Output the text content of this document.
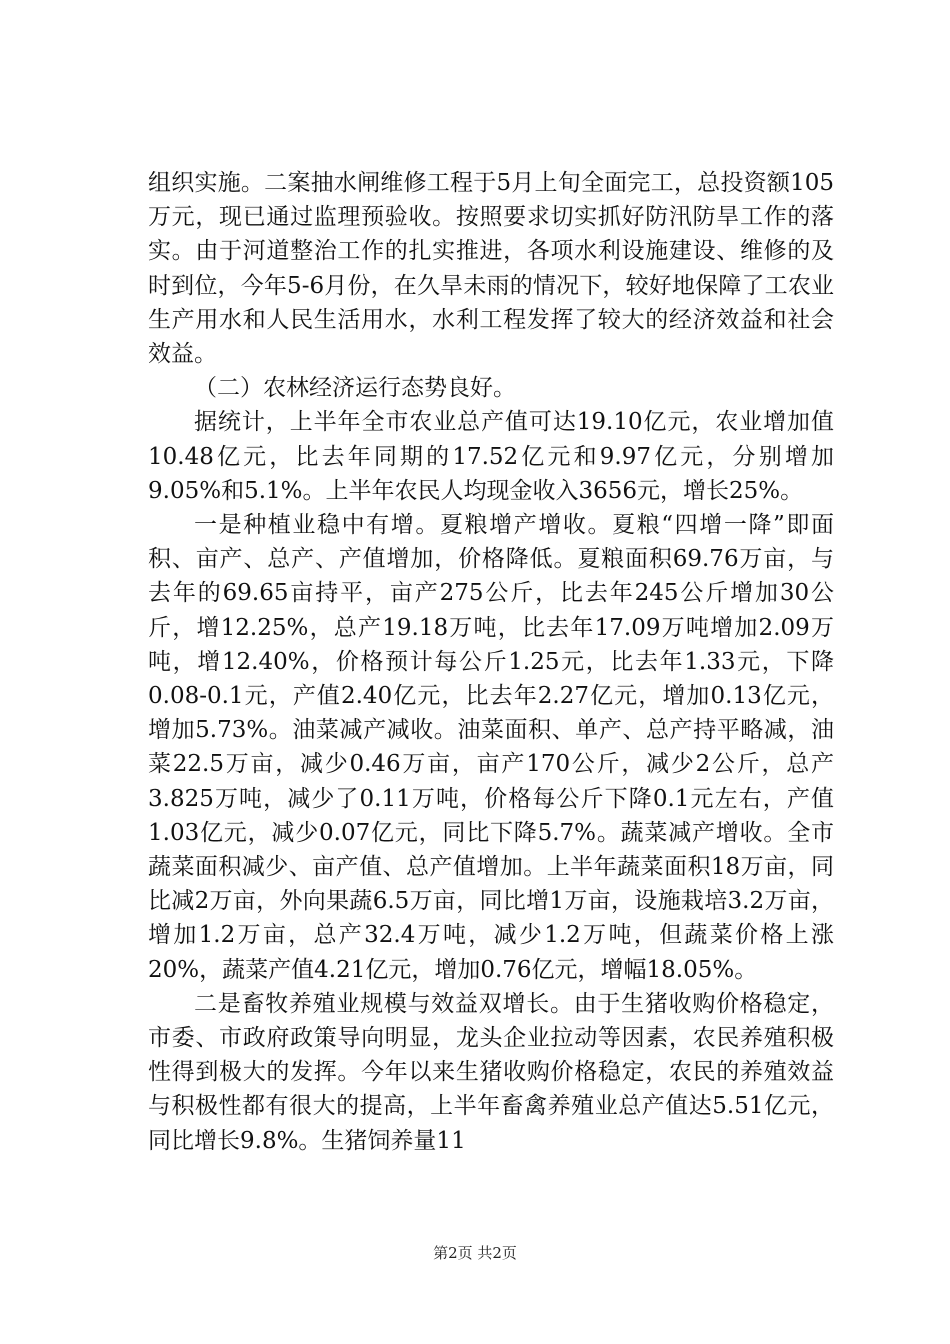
组织实施。二案抽水闸维修工程于5月上旬全面完工，总投资额105万元，现已通过监理预验收。按照要求切实抓好防汛防旱工作的落实。由于河道整治工作的扎实推进，各项水利设施建设、维修的及时到位，今年5-6月份，在久旱未雨的情况下，较好地保障了工农业生产用水和人民生活用水，水利工程发挥了较大的经济效益和社会效益。

（二）农林经济运行态势良好。

据统计，上半年全市农业总产值可达19.10亿元，农业增加值10.48亿元，比去年同期的17.52亿元和9.97亿元，分别增加9.05%和5.1%。上半年农民人均现金收入3656元，增长25%。

一是种植业稳中有增。夏粮增产增收。夏粮“四增一降”即面积、亩产、总产、产值增加，价格降低。夏粮面积69.76万亩，与去年的69.65亩持平，亩产275公斤，比去年245公斤增加30公斤，增12.25%，总产19.18万吨，比去年17.09万吨增加2.09万吨，增12.40%，价格预计每公斤1.25元，比去年1.33元，下降0.08-0.1元，产值2.40亿元，比去年2.27亿元，增加0.13亿元，增加5.73%。油菜减产减收。油菜面积、单产、总产持平略减，油菜22.5万亩，减少0.46万亩，亩产170公斤，减少2公斤，总产3.825万吨，减少了0.11万吨，价格每公斤下降0.1元左右，产值1.03亿元，减少0.07亿元，同比下降5.7%。蔬菜减产增收。全市蔬菜面积减少、亩产值、总产值增加。上半年蔬菜面积18万亩，同比减2万亩，外向果蔬6.5万亩，同比增1万亩，设施栽培3.2万亩，增加1.2万亩，总产32.4万吨，减少1.2万吨，但蔬菜价格上涨20%，蔬菜产值4.21亿元，增加0.76亿元，增幅18.05%。

二是畜牧养殖业规模与效益双增长。由于生猪收购价格稳定，市委、市政府政策导向明显，龙头企业拉动等因素，农民养殖积极性得到极大的发挥。今年以来生猪收购价格稳定，农民的养殖效益与积极性都有很大的提高，上半年畜禽养殖业总产值达5.51亿元，同比增长9.8%。生猪饲养量11

第2页 共2页
